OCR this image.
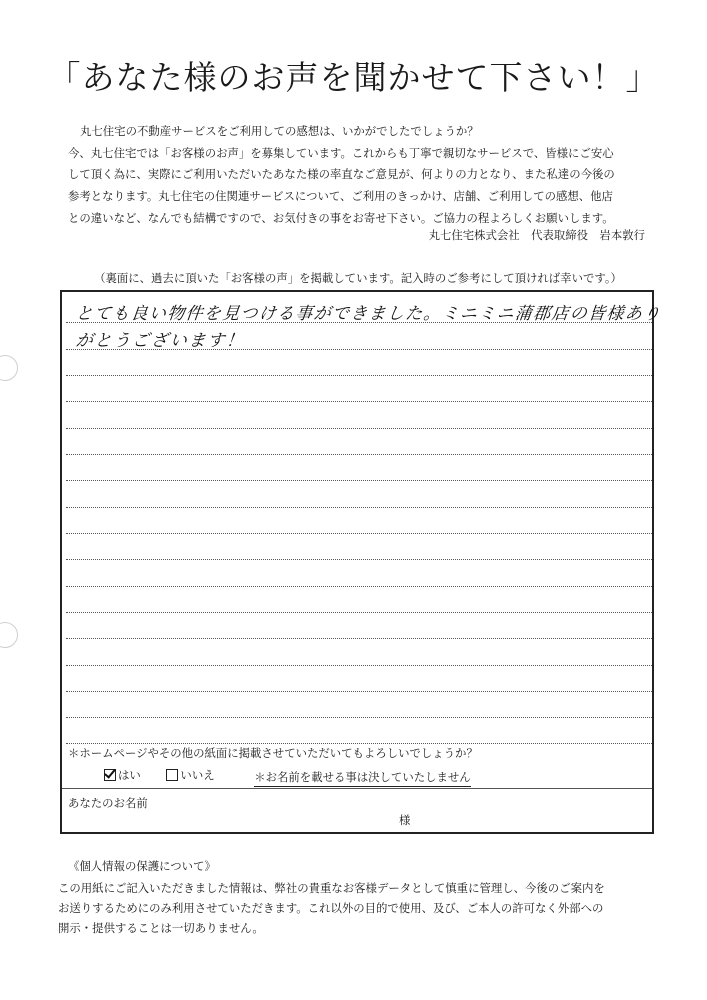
「あなた様のお声を聞かせて下さい！」
丸七住宅の不動産サービスをご利用しての感想は、いかがでしたでしょうか？
今、丸七住宅では「お客様のお声」を募集しています。これからも丁寧で親切なサービスで、皆様にご安心
して頂く為に、実際にご利用いただいたあなた様の率直なご意見が、何よりの力となり、また私達の今後の
参考となります。丸七住宅の住関連サービスについて、ご利用のきっかけ、店舗、ご利用しての感想、他店
との違いなど、なんでも結構ですので、お気付きの事をお寄せ下さい。ご協力の程よろしくお願いします。
丸七住宅株式会社　代表取締役　岩本敦行
（裏面に、過去に頂いた「お客様の声」を掲載しています。記入時のご参考にして頂ければ幸いです。）
とても良い物件を見つける事ができました。ミニミニ蒲郡店の皆様あり
がとうございます！
＊ホームページやその他の紙面に掲載させていただいてもよろしいでしょうか？
はい
	いいえ	＊お名前を載せる事は決していたしません
あなたのお名前
様
《個人情報の保護について》
この用紙にご記入いただきました情報は、弊社の貴重なお客様データとして慎重に管理し、今後のご案内を
お送りするためにのみ利用させていただきます。これ以外の目的で使用、及び、ご本人の許可なく外部への
開示・提供することは一切ありません。
